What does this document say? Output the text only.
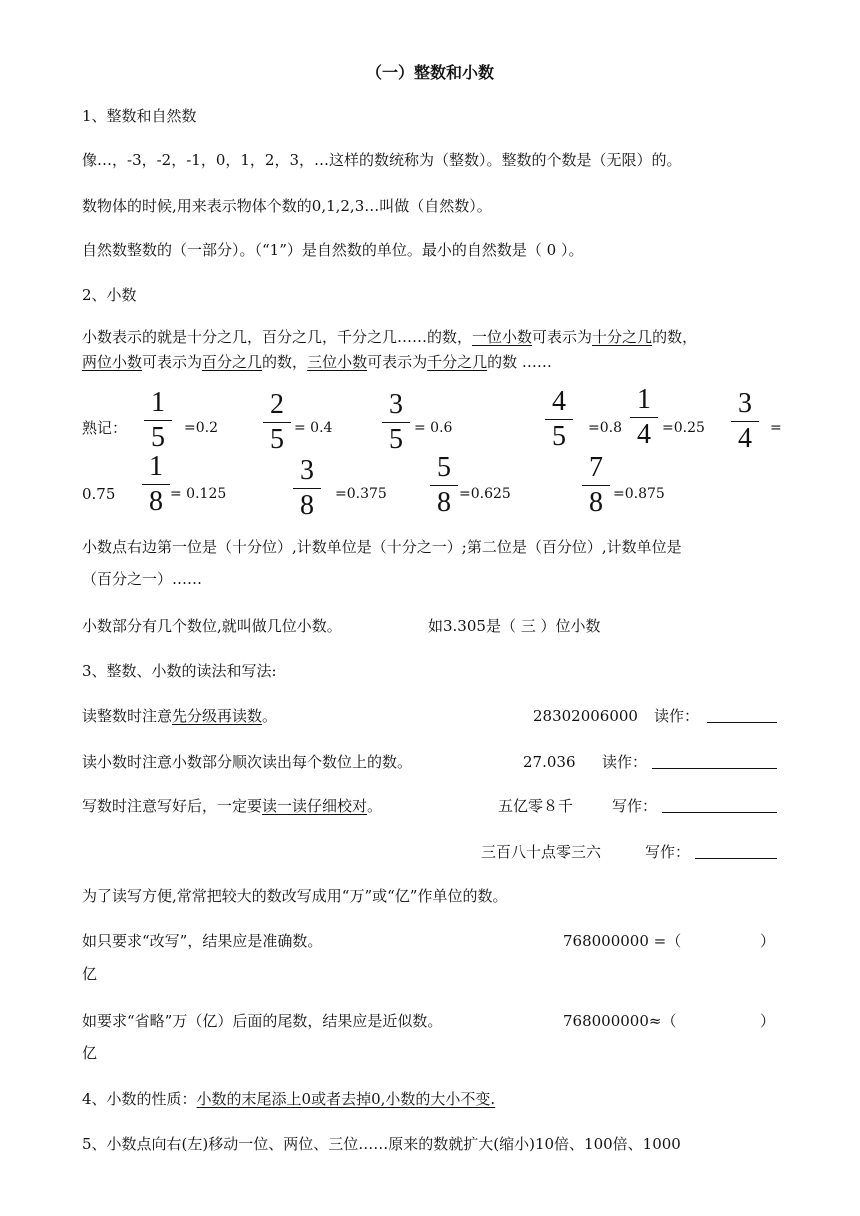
（一）整数和小数
1、整数和自然数
像…，-3，-2，-1，0，1，2，3，…这样的数统称为（整数）。整数的个数是（无限）的。
数物体的时候,用来表示物体个数的0,1,2,3…叫做（自然数）。
自然数整数的（一部分）。（“1”）是自然数的单位。最小的自然数是（ 0 ）。
2、小数
小数表示的就是十分之几，百分之几，千分之几……的数，一位小数可表示为十分之几的数，
两位小数可表示为百分之几的数，三位小数可表示为千分之几的数 ……
熟记：
1
5	=0.2
2
5 = 0.4
3
5 = 0.6
4
5	=0.8
1
4 =0.25
3
4	=
0.75
1
8 = 0.125
3
8	=0.375
5
8 =0.625
7
8 =0.875
小数点右边第一位是（十分位）,计数单位是（十分之一）;第二位是（百分位）,计数单位是
（百分之一）……
小数部分有几个数位,就叫做几位小数。	如3.305是（ 三 ）位小数
3、整数、小数的读法和写法:
读整数时注意先分级再读数。	28302006000 读作：
读小数时注意小数部分顺次读出每个数位上的数。	27.036 读作：
写数时注意写好后，一定要读一读仔细校对。	五亿零８千	写作：
三百八十点零三六	写作：
为了读写方便,常常把较大的数改写成用“万”或“亿”作单位的数。
如只要求“改写”，结果应是准确数。	768000000 =（	）
亿
如要求“省略”万（亿）后面的尾数，结果应是近似数。	768000000≈（	）
亿
4、小数的性质：小数的末尾添上0或者去掉0,小数的大小不变.
5、小数点向右(左)移动一位、两位、三位……原来的数就扩大(缩小)10倍、100倍、1000
